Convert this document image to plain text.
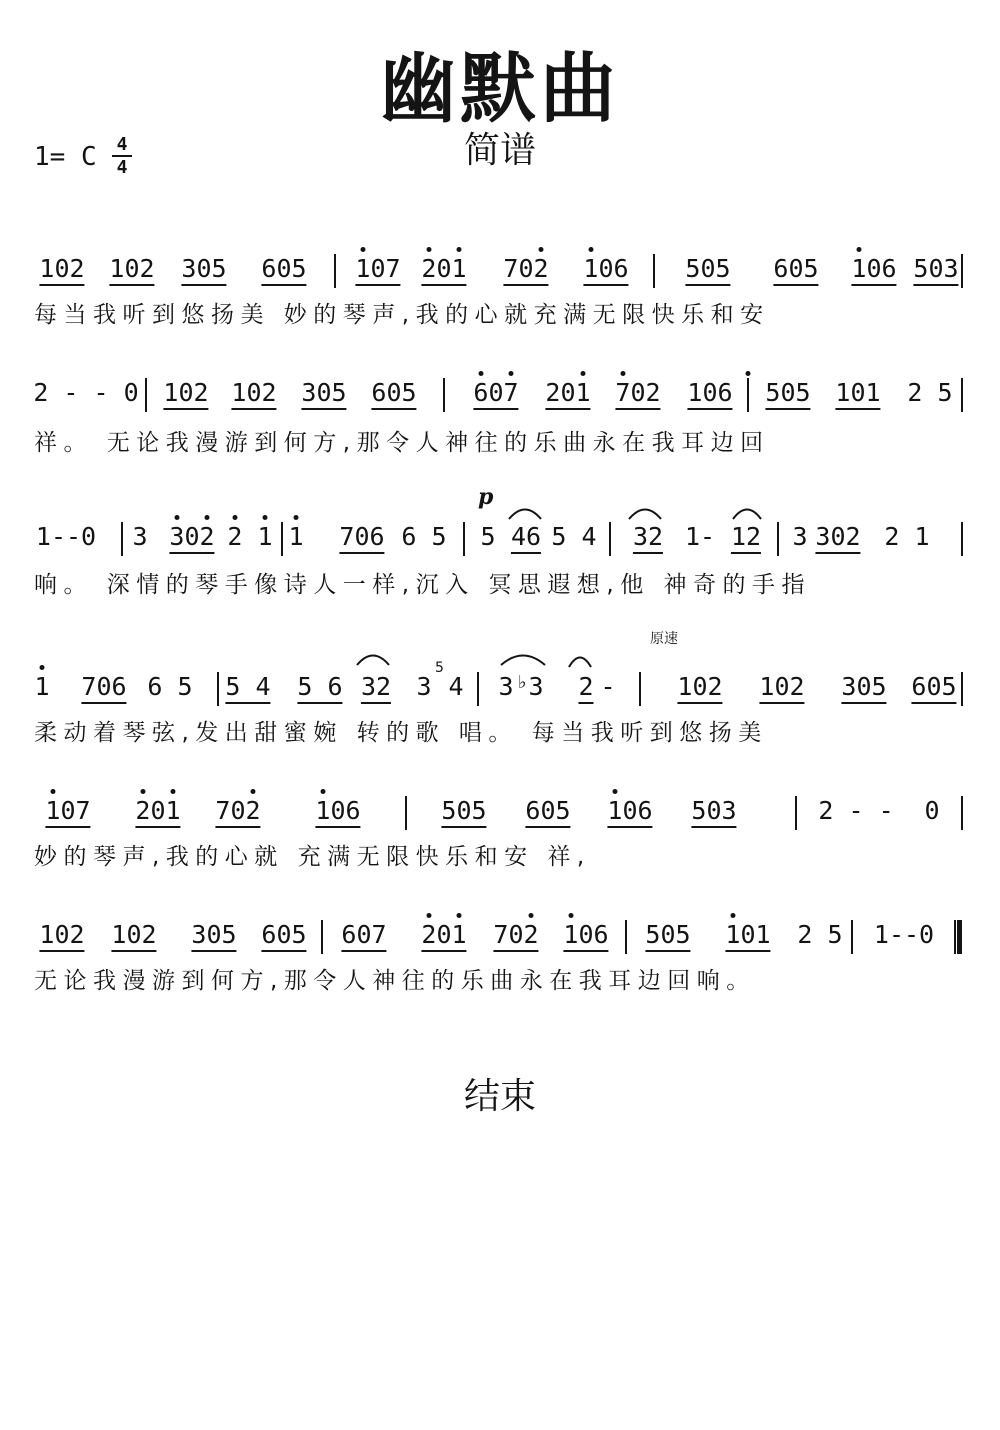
幽默曲
简谱
1= C 4
4
102 102 305 605 107 201 702 106 505 605 106 503
每当我听到悠扬美 妙的琴声,我的心就充满无限快乐和安
2 - - 0 102 102 305 605 607 201 702 106 505 101 2 5
祥。 无论我漫游到何方,那令人神往的乐曲永在我耳边回
1--0 3 302 2 1 1 706 6 5 5 46 5 4 32 1- 12 3 302 2 1
响。 深情的琴手像诗人一样,沉入 冥思遐想,他 神奇的手指
1 706 6 5 5 4 5 6 32 3 4 3 3 2 - 102 102 305 605
柔动着琴弦,发出甜蜜婉 转的歌 唱。 每当我听到悠扬美
107 201 702 106	505 605 106 503	2 - - 0
妙的琴声,我的心就 充满无限快乐和安 祥,
102 102 305 605 607 201 702 106 505 101 2 5 1--0
无论我漫游到何方,那令人神往的乐曲永在我耳边回响。
p
原速
结束
5
♭
